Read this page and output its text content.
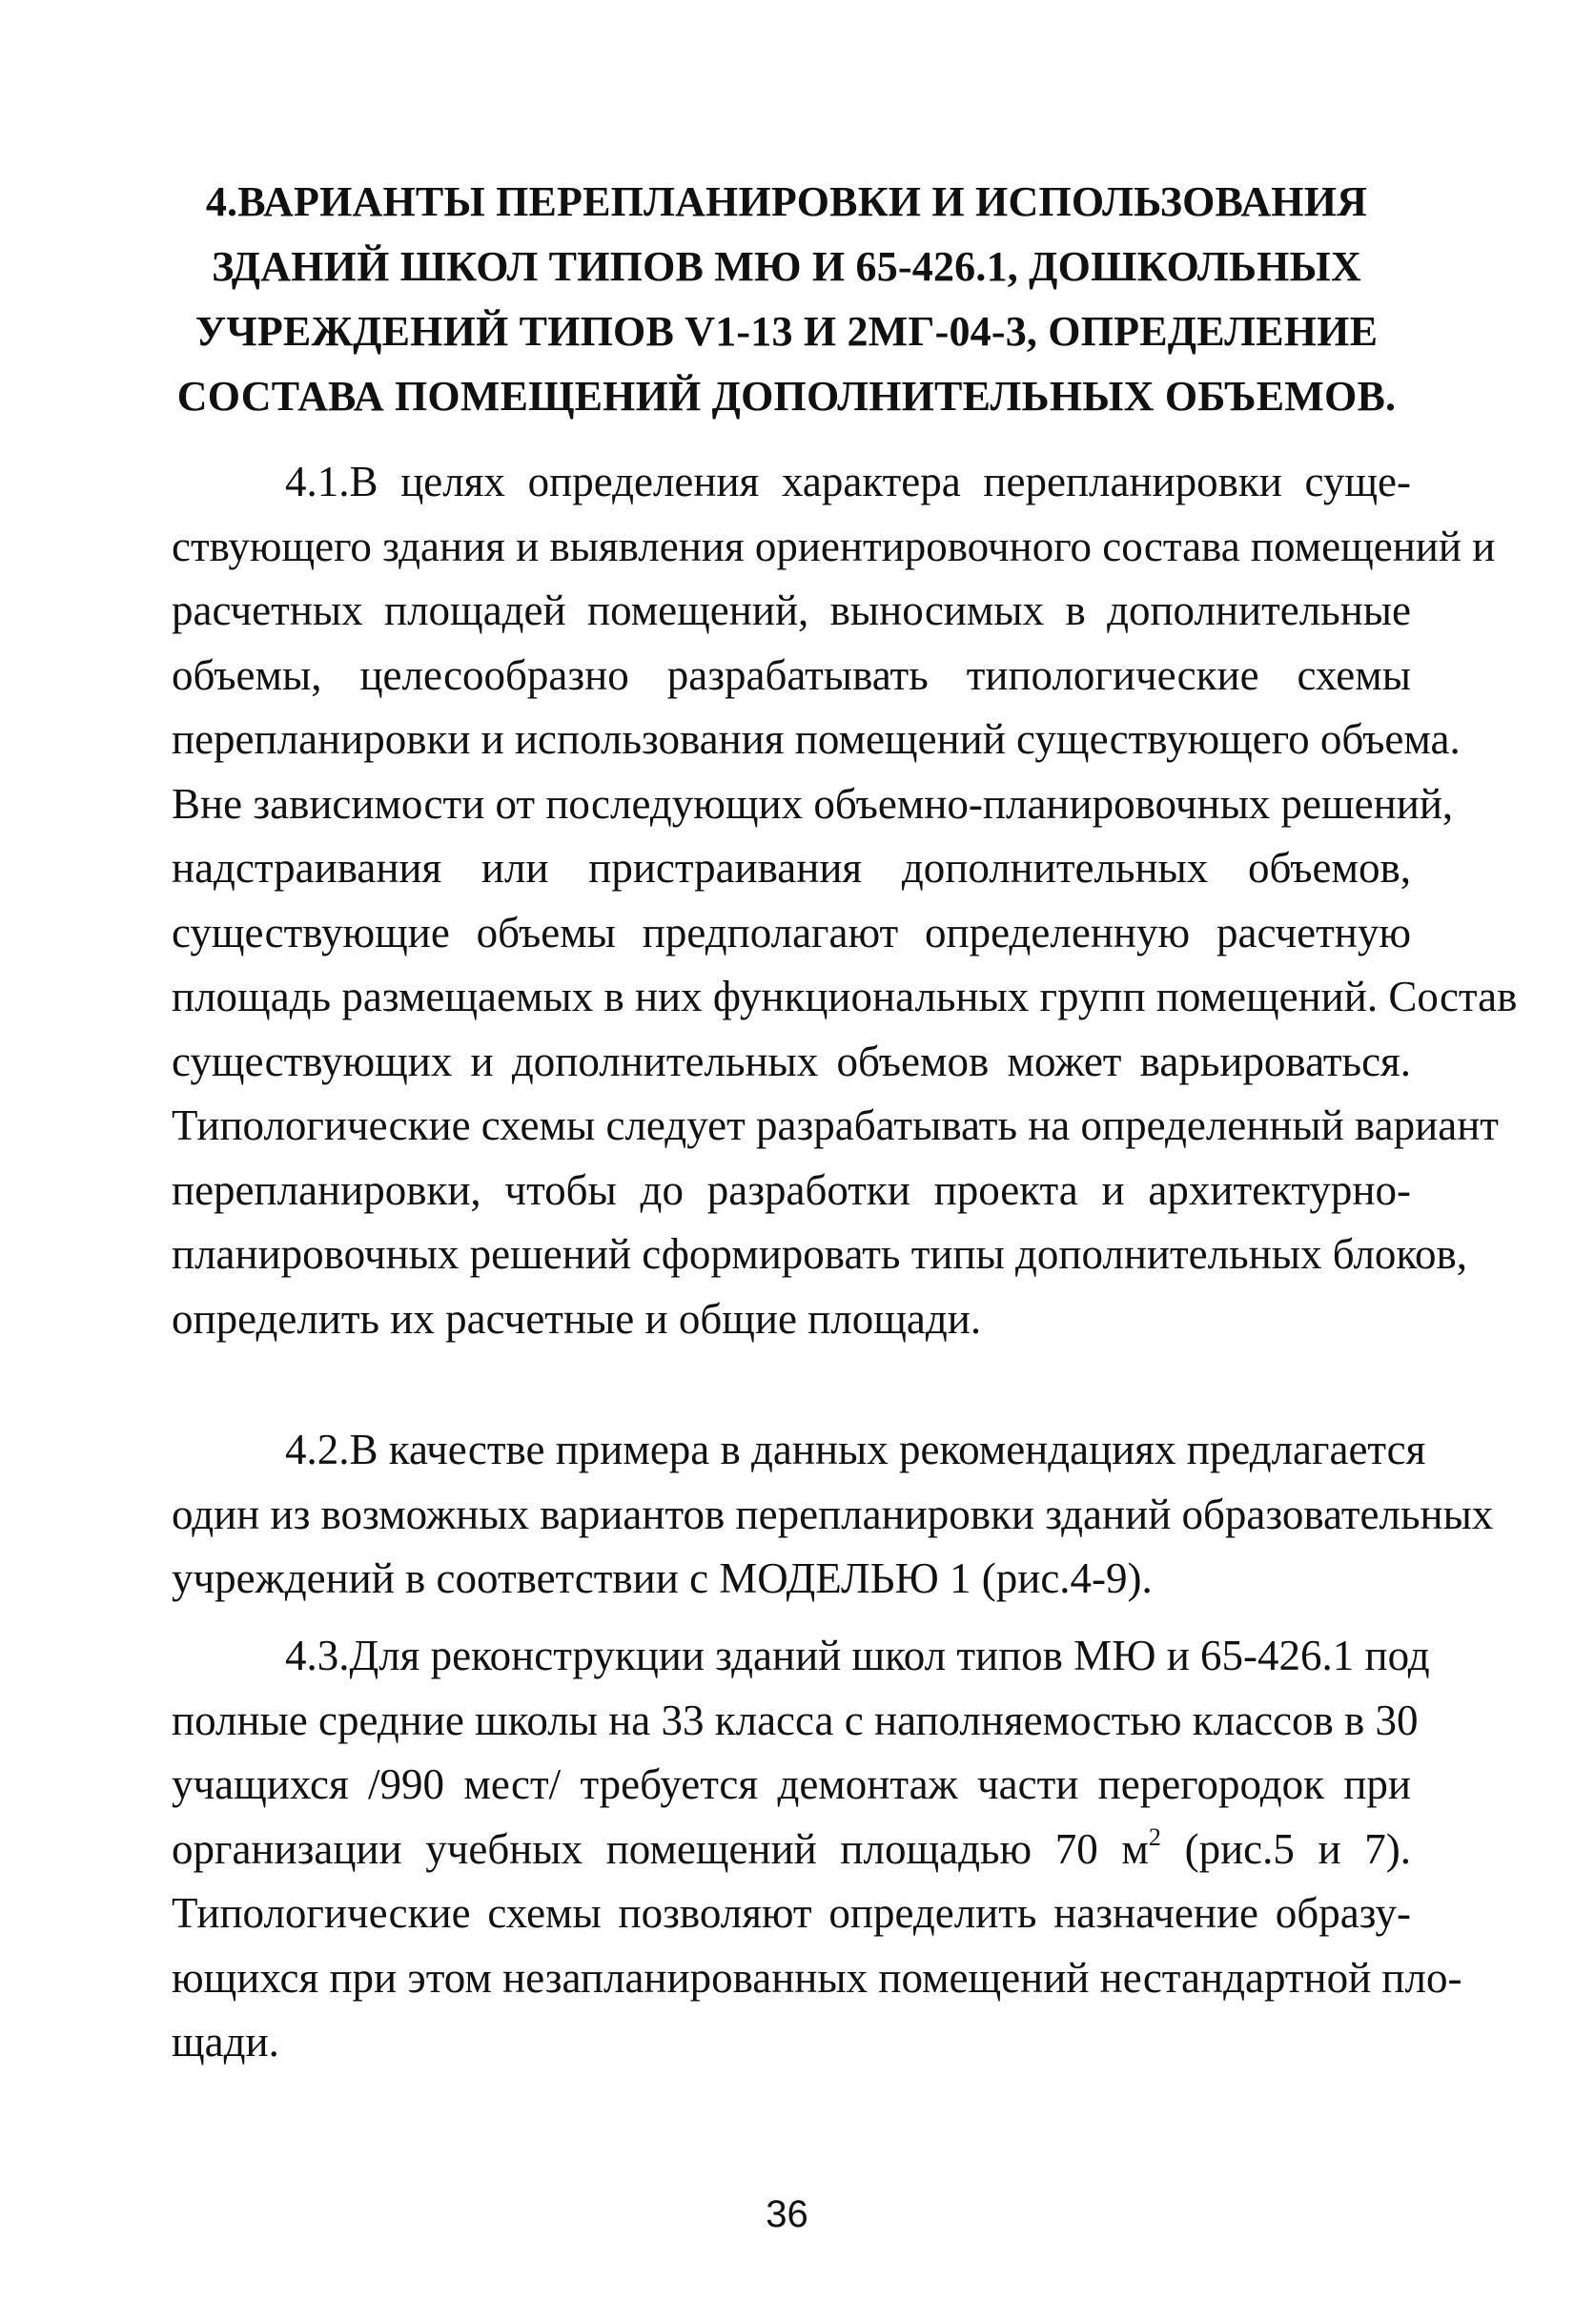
4.ВАРИАНТЫ ПЕРЕПЛАНИРОВКИ И ИСПОЛЬЗОВАНИЯ
ЗДАНИЙ ШКОЛ ТИПОВ МЮ И 65-426.1, ДОШКОЛЬНЫХ
УЧРЕЖДЕНИЙ ТИПОВ V1-13 И 2МГ-04-3, ОПРЕДЕЛЕНИЕ
СОСТАВА ПОМЕЩЕНИЙ ДОПОЛНИТЕЛЬНЫХ ОБЪЕМОВ.
4.1.В целях определения характера перепланировки суще-
ствующего здания и выявления ориентировочного состава помещений и
расчетных площадей помещений, выносимых в дополнительные
объемы, целесообразно разрабатывать типологические схемы
перепланировки и использования помещений существующего объема.
Вне зависимости от последующих объемно-планировочных решений,
надстраивания или пристраивания дополнительных объемов,
существующие объемы предполагают определенную расчетную
площадь размещаемых в них функциональных групп помещений. Состав
существующих и дополнительных объемов может варьироваться.
Типологические схемы следует разрабатывать на определенный вариант
перепланировки, чтобы до разработки проекта и архитектурно-
планировочных решений сформировать типы дополнительных блоков,
определить их расчетные и общие площади.
4.2.В качестве примера в данных рекомендациях предлагается
один из возможных вариантов перепланировки зданий образовательных
учреждений в соответствии с МОДЕЛЬЮ 1 (рис.4-9).
4.3.Для реконструкции зданий школ типов МЮ и 65-426.1 под
полные средние школы на 33 класса с наполняемостью классов в 30
учащихся /990 мест/ требуется демонтаж части перегородок при
организации учебных помещений площадью 70 $м^2$ (рис.5 и 7).
Типологические схемы позволяют определить назначение образу-
ющихся при этом незапланированных помещений нестандартной пло-
щади.

36
